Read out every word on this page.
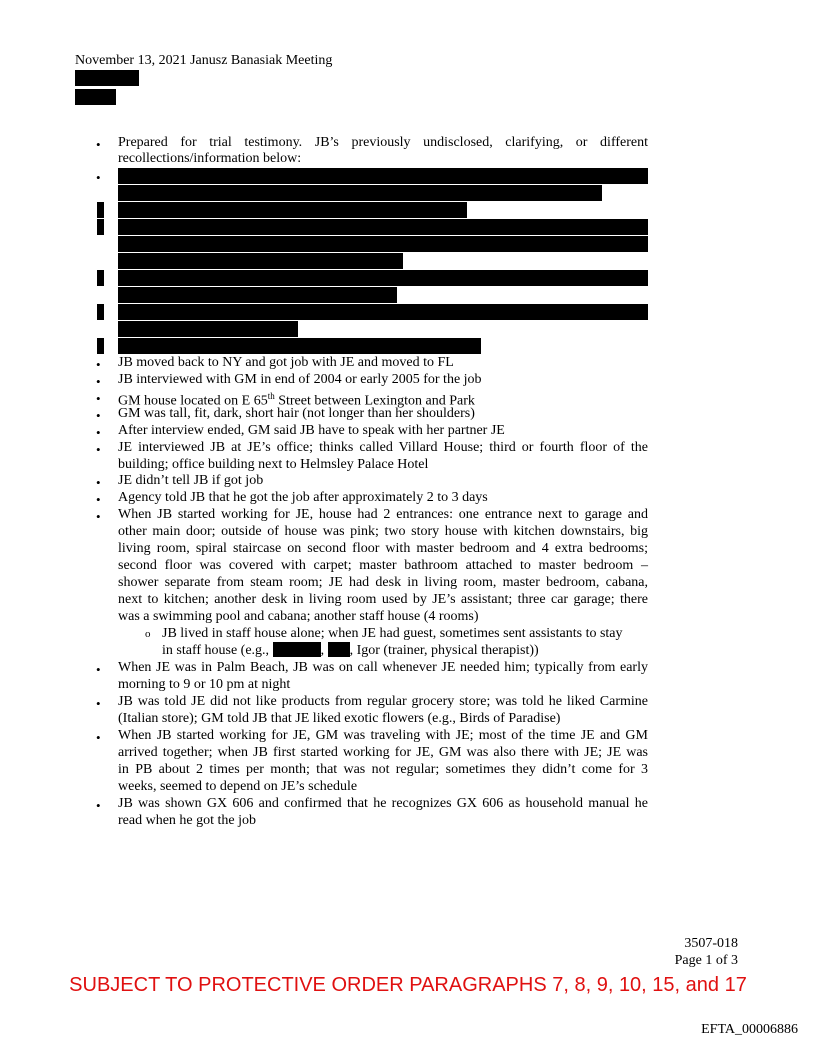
November 13, 2021 Janusz Banasiak Meeting
• Prepared for trial testimony. JB’s previously undisclosed, clarifying, or different
recollections/information below:
•
• JB moved back to NY and got job with JE and moved to FL
• JB interviewed with GM in end of 2004 or early 2005 for the job
• GM house located on E 65th Street between Lexington and Park
• GM was tall, fit, dark, short hair (not longer than her shoulders)
• After interview ended, GM said JB have to speak with her partner JE
• JE interviewed JB at JE’s office; thinks called Villard House; third or fourth floor of the
building; office building next to Helmsley Palace Hotel
• JE didn’t tell JB if got job
• Agency told JB that he got the job after approximately 2 to 3 days
• When JB started working for JE, house had 2 entrances: one entrance next to garage and
other main door; outside of house was pink; two story house with kitchen downstairs, big
living room, spiral staircase on second floor with master bedroom and 4 extra bedrooms;
second floor was covered with carpet; master bathroom attached to master bedroom –
shower separate from steam room; JE had desk in living room, master bedroom, cabana,
next to kitchen; another desk in living room used by JE’s assistant; three car garage; there
was a swimming pool and cabana; another staff house (4 rooms)
o JB lived in staff house alone; when JE had guest, sometimes sent assistants to stay
in staff house (e.g.,	, , Igor (trainer, physical therapist))
• When JE was in Palm Beach, JB was on call whenever JE needed him; typically from early
morning to 9 or 10 pm at night
• JB was told JE did not like products from regular grocery store; was told he liked Carmine
(Italian store); GM told JB that JE liked exotic flowers (e.g., Birds of Paradise)
• When JB started working for JE, GM was traveling with JE; most of the time JE and GM
arrived together; when JB first started working for JE, GM was also there with JE; JE was
in PB about 2 times per month; that was not regular; sometimes they didn’t come for 3
weeks, seemed to depend on JE’s schedule
• JB was shown GX 606 and confirmed that he recognizes GX 606 as household manual he
read when he got the job
3507-018
Page 1 of 3
SUBJECT TO PROTECTIVE ORDER PARAGRAPHS 7, 8, 9, 10, 15, and 17
EFTA_00006886
